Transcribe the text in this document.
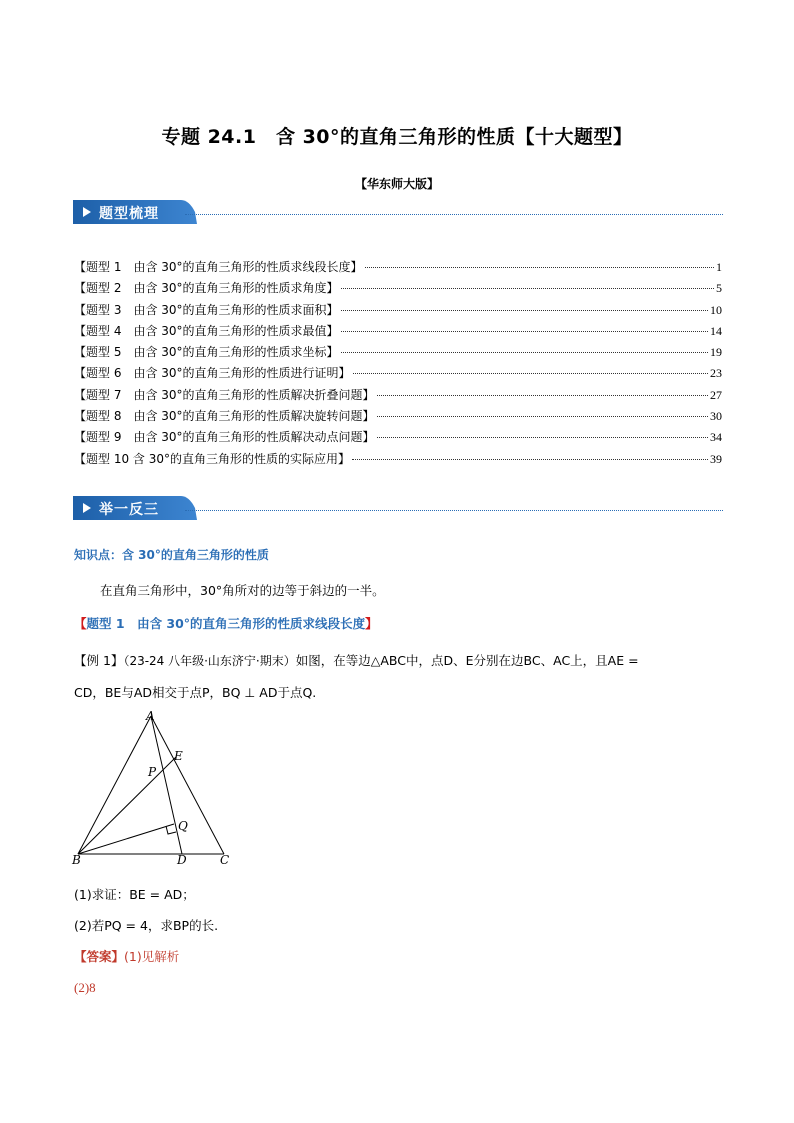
专题 24.1　含 30°的直角三角形的性质【十大题型】
【华东师大版】
题型梳理
【题型 1　由含 30°的直角三角形的性质求线段长度】	1
【题型 2　由含 30°的直角三角形的性质求角度】	5
【题型 3　由含 30°的直角三角形的性质求面积】	10
【题型 4　由含 30°的直角三角形的性质求最值】	14
【题型 5　由含 30°的直角三角形的性质求坐标】	19
【题型 6　由含 30°的直角三角形的性质进行证明】	23
【题型 7　由含 30°的直角三角形的性质解决折叠问题】	27
【题型 8　由含 30°的直角三角形的性质解决旋转问题】	30
【题型 9　由含 30°的直角三角形的性质解决动点问题】	34
【题型 10 含 30°的直角三角形的性质的实际应用】	39
举一反三
知识点：含 30°的直角三角形的性质
在直角三角形中，30°角所对的边等于斜边的一半。
【题型 1　由含 30°的直角三角形的性质求线段长度】
【例 1】（23-24 八年级·山东济宁·期末）如图，在等边△ABC中，点D、E分别在边BC、AC上，且AE =
CD，BE与AD相交于点P，BQ ⊥ AD于点Q.
A
B	C
D
E
P
Q
(1)求证：BE = AD；
(2)若PQ = 4，求BP的长.
【答案】(1)见解析
(2)8
